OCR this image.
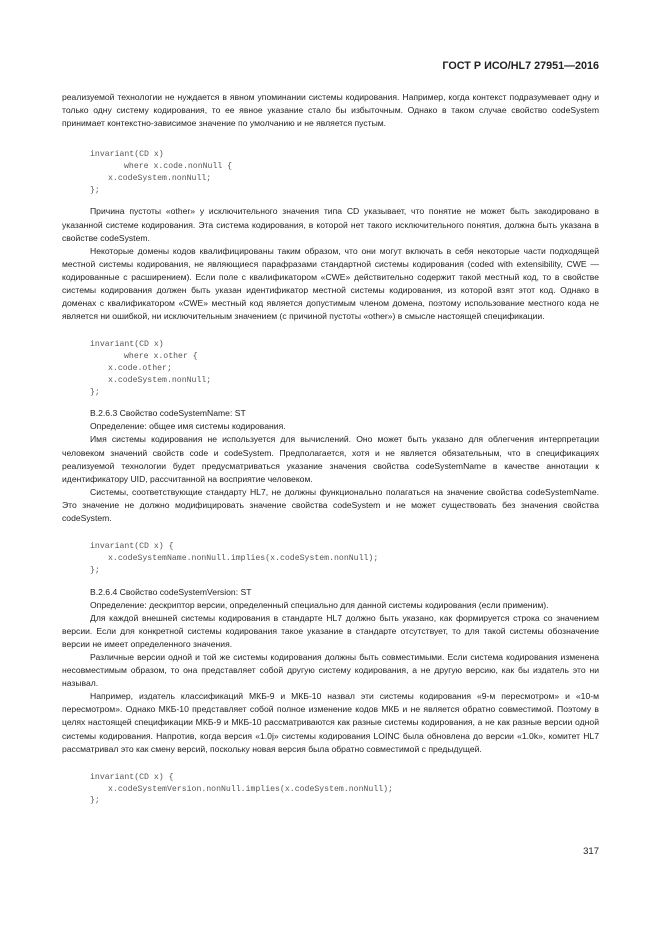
ГОСТ Р ИСО/HL7 27951—2016

реализуемой технологии не нуждается в явном упоминании системы кодирования. Например, когда контекст подразумевает одну и только одну систему кодирования, то ее явное указание стало бы избыточным. Однако в таком случае свойство codeSystem принимает контекстно-зависимое значение по умолчанию и не является пустым.

invariant(CD x)
where x.code.nonNull {
x.codeSystem.nonNull;
};

Причина пустоты «other» у исключительного значения типа CD указывает, что понятие не может быть закодировано в указанной системе кодирования. Эта система кодирования, в которой нет такого исключительного понятия, должна быть указана в свойстве codeSystem.

Некоторые домены кодов квалифицированы таким образом, что они могут включать в себя некоторые части подходящей местной системы кодирования, не являющиеся парафразами стандартной системы кодирования (coded with extensibility, CWE — кодированные с расширением). Если поле с квалификатором «CWE» действительно содержит такой местный код, то в свойстве системы кодирования должен быть указан идентификатор местной системы кодирования, из которой взят этот код. Однако в доменах с квалификатором «CWE» местный код является допустимым членом домена, поэтому использование местного кода не является ни ошибкой, ни исключительным значением (с причиной пустоты «other») в смысле настоящей спецификации.

invariant(CD x)
where x.other {
x.code.other;
x.codeSystem.nonNull;
};

B.2.6.3 Свойство codeSystemName: ST

Определение: общее имя системы кодирования.

Имя системы кодирования не используется для вычислений. Оно может быть указано для облегчения интерпретации человеком значений свойств code и codeSystem. Предполагается, хотя и не является обязательным, что в спецификациях реализуемой технологии будет предусматриваться указание значения свойства codeSystemName в качестве аннотации к идентификатору UID, рассчитанной на восприятие человеком.

Системы, соответствующие стандарту HL7, не должны функционально полагаться на значение свойства codeSystemName. Это значение не должно модифицировать значение свойства codeSystem и не может существовать без значения свойства codeSystem.

invariant(CD x) {
x.codeSystemName.nonNull.implies(x.codeSystem.nonNull);
};

B.2.6.4 Свойство codeSystemVersion: ST

Определение: дескриптор версии, определенный специально для данной системы кодирования (если применим).

Для каждой внешней системы кодирования в стандарте HL7 должно быть указано, как формируется строка со значением версии. Если для конкретной системы кодирования такое указание в стандарте отсутствует, то для такой системы обозначение версии не имеет определенного значения.

Различные версии одной и той же системы кодирования должны быть совместимыми. Если система кодирования изменена несовместимым образом, то она представляет собой другую систему кодирования, а не другую версию, как бы издатель это ни называл.

Например, издатель классификаций МКБ-9 и МКБ-10 назвал эти системы кодирования «9-м пересмотром» и «10-м пересмотром». Однако МКБ-10 представляет собой полное изменение кодов МКБ и не является обратно совместимой. Поэтому в целях настоящей спецификации МКБ-9 и МКБ-10 рассматриваются как разные системы кодирования, а не как разные версии одной системы кодирования. Напротив, когда версия «1.0j» системы кодирования LOINC была обновлена до версии «1.0k», комитет HL7 рассматривал это как смену версий, поскольку новая версия была обратно совместимой с предыдущей.

invariant(CD x) {
x.codeSystemVersion.nonNull.implies(x.codeSystem.nonNull);
};
317
